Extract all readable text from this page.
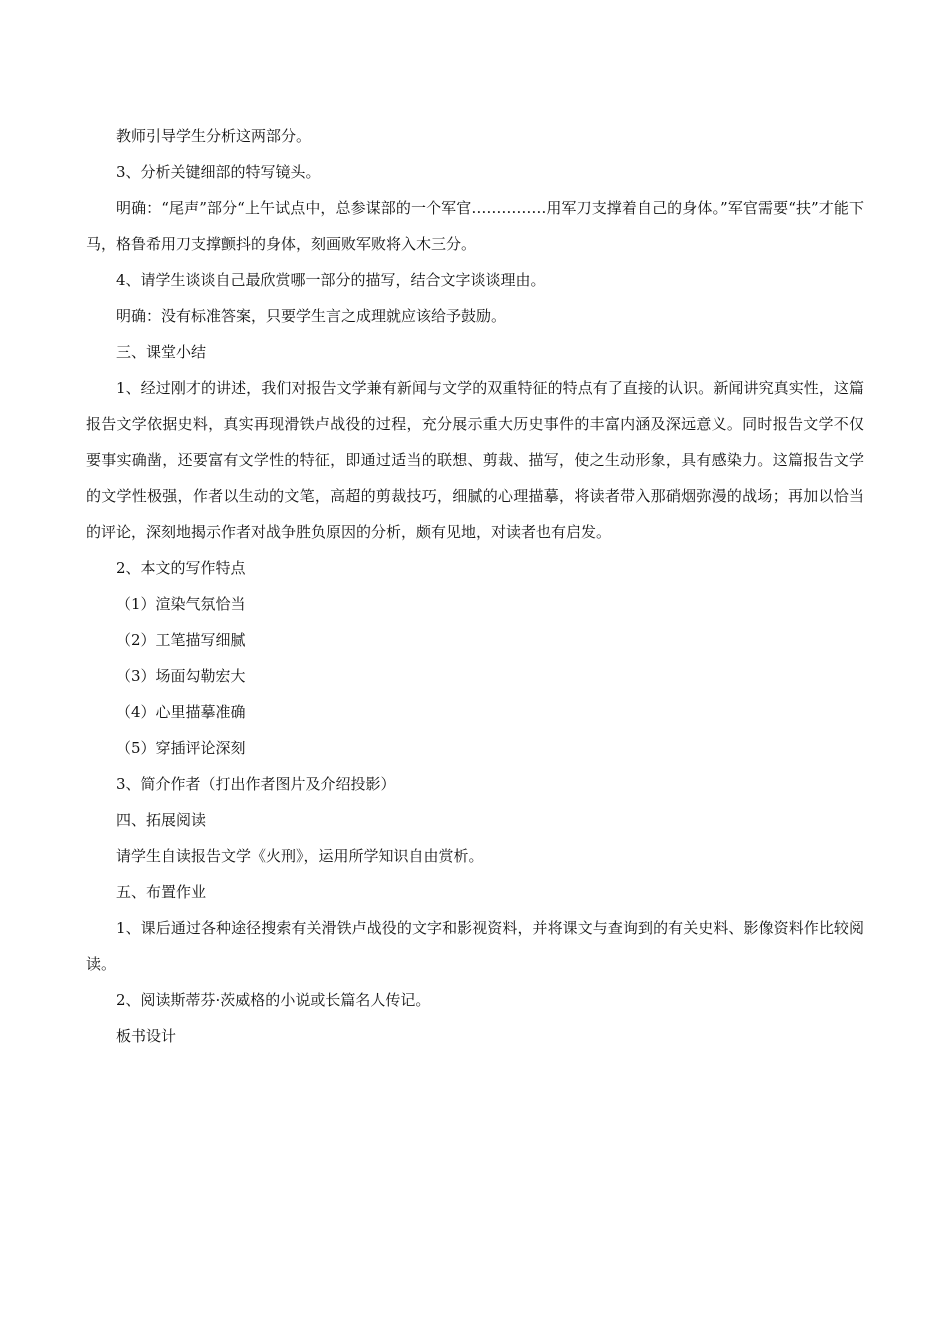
教师引导学生分析这两部分。

3、分析关键细部的特写镜头。

明确：“尾声”部分“上午试点中，总参谋部的一个军官……………用军刀支撑着自己的身体。”军官需要“扶”才能下马，格鲁希用刀支撑颤抖的身体，刻画败军败将入木三分。

4、请学生谈谈自己最欣赏哪一部分的描写，结合文字谈谈理由。

明确：没有标准答案，只要学生言之成理就应该给予鼓励。

三、课堂小结

1、经过刚才的讲述，我们对报告文学兼有新闻与文学的双重特征的特点有了直接的认识。新闻讲究真实性，这篇报告文学依据史料，真实再现滑铁卢战役的过程，充分展示重大历史事件的丰富内涵及深远意义。同时报告文学不仅要事实确凿，还要富有文学性的特征，即通过适当的联想、剪裁、描写，使之生动形象，具有感染力。这篇报告文学的文学性极强，作者以生动的文笔，高超的剪裁技巧，细腻的心理描摹，将读者带入那硝烟弥漫的战场；再加以恰当的评论，深刻地揭示作者对战争胜负原因的分析，颇有见地，对读者也有启发。

2、本文的写作特点

（1）渲染气氛恰当

（2）工笔描写细腻

（3）场面勾勒宏大

（4）心里描摹准确

（5）穿插评论深刻

3、简介作者（打出作者图片及介绍投影）

四、拓展阅读

请学生自读报告文学《火刑》，运用所学知识自由赏析。

五、布置作业

1、课后通过各种途径搜索有关滑铁卢战役的文字和影视资料，并将课文与查询到的有关史料、影像资料作比较阅读。

2、阅读斯蒂芬·茨威格的小说或长篇名人传记。

板书设计
